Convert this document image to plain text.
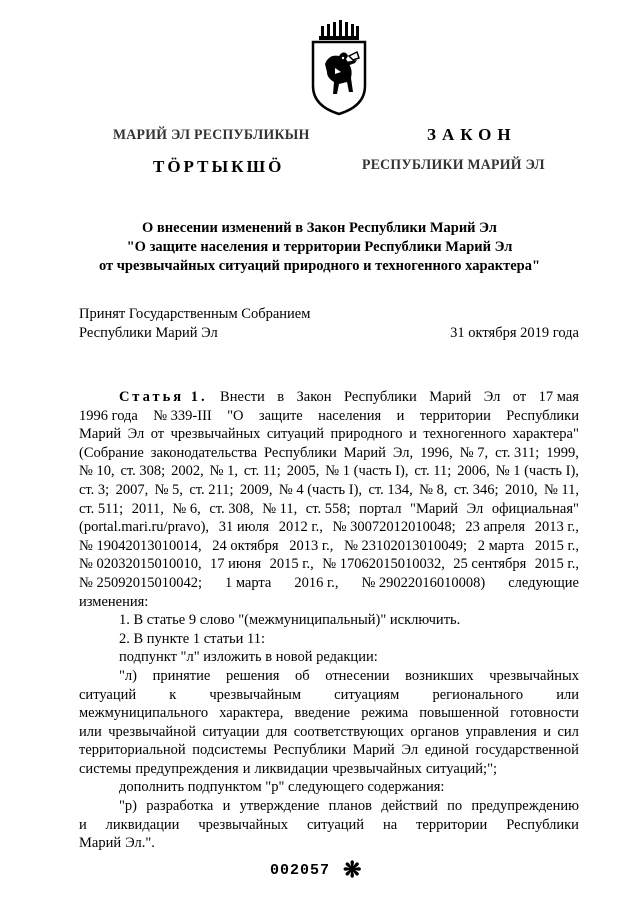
МАРИЙ ЭЛ РЕСПУБЛИКЫН
ТӦРТЫКШӦ
ЗАКОН
РЕСПУБЛИКИ МАРИЙ ЭЛ
О внесении изменений в Закон Республики Марий Эл
"О защите населения и территории Республики Марий Эл
от чрезвычайных ситуаций природного и техногенного характера"
Принят Государственным Собранием
Республики Марий Эл	31 октября 2019 года
Статья 1. Внести в Закон Республики Марий Эл от 17 мая
1996 года № 339-III "О защите населения и территории Республики
Марий Эл от чрезвычайных ситуаций природного и техногенного характера"
(Собрание законодательства Республики Марий Эл, 1996, № 7, ст. 311; 1999,
№ 10, ст. 308; 2002, № 1, ст. 11; 2005, № 1 (часть I), ст. 11; 2006, № 1 (часть I),
ст. 3; 2007, № 5, ст. 211; 2009, № 4 (часть I), ст. 134, № 8, ст. 346; 2010, № 11,
ст. 511; 2011, № 6, ст. 308, № 11, ст. 558; портал "Марий Эл официальная"
(portal.mari.ru/pravo), 31 июля 2012 г., № 30072012010048; 23 апреля 2013 г.,
№ 19042013010014, 24 октября 2013 г., № 23102013010049; 2 марта 2015 г.,
№ 02032015010010, 17 июня 2015 г., № 17062015010032, 25 сентября 2015 г.,
№ 25092015010042; 1 марта 2016 г., № 29022016010008) следующие
изменения:
1. В статье 9 слово "(межмуниципальный)" исключить.
2. В пункте 1 статьи 11:
подпункт "л" изложить в новой редакции:
"л) принятие решения об отнесении возникших чрезвычайных
ситуаций к чрезвычайным ситуациям регионального или
межмуниципального характера, введение режима повышенной готовности
или чрезвычайной ситуации для соответствующих органов управления и сил
территориальной подсистемы Республики Марий Эл единой государственной
системы предупреждения и ликвидации чрезвычайных ситуаций;";
дополнить подпунктом "р" следующего содержания:
"р) разработка и утверждение планов действий по предупреждению
и ликвидации чрезвычайных ситуаций на территории Республики
Марий Эл.".
002057 ❋
